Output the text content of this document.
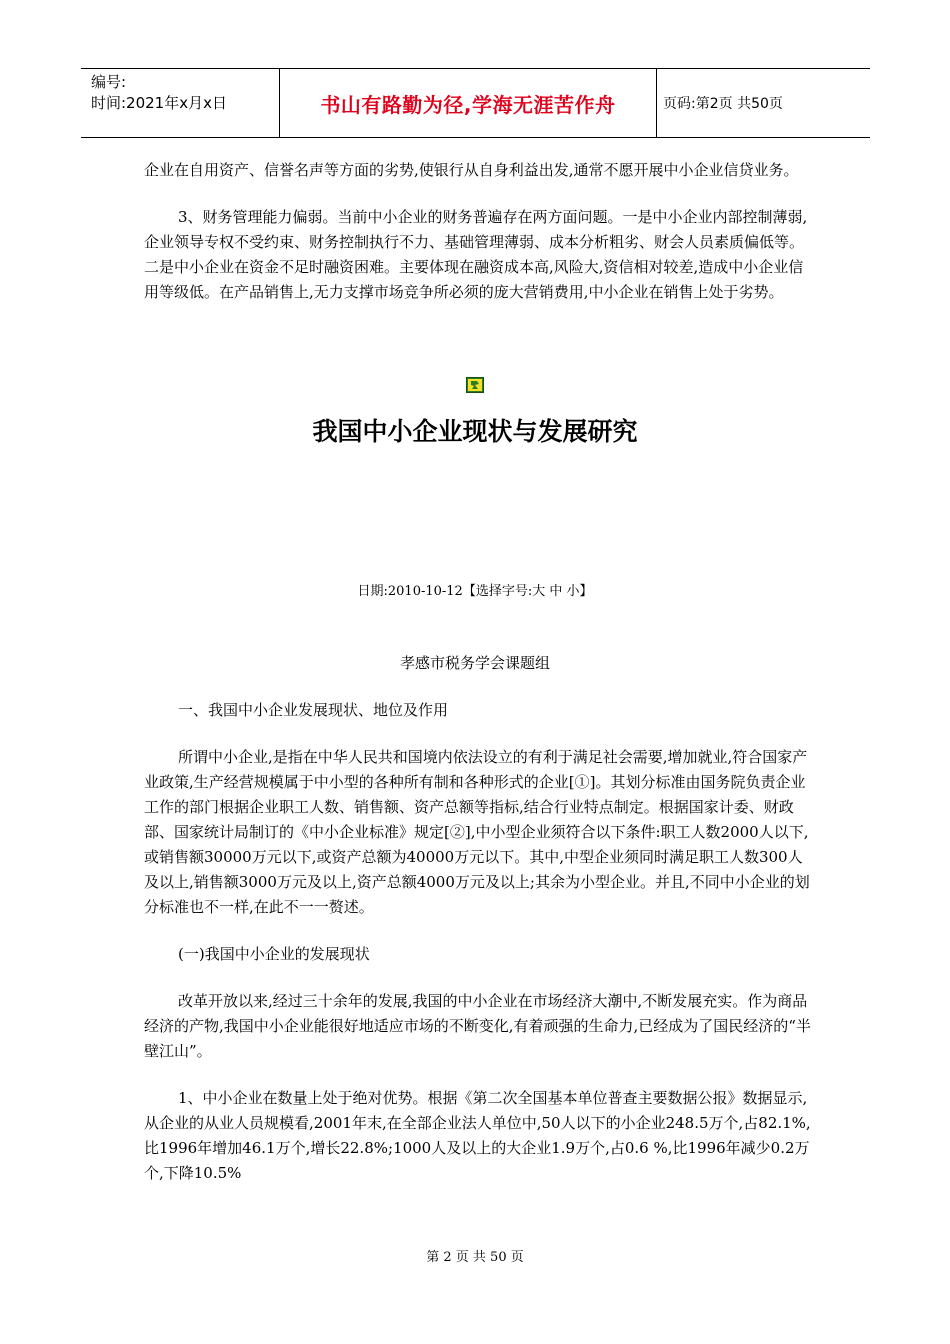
编号:
时间:2021年x月x日	书山有路勤为径,学海无涯苦作舟	页码:第2页 共50页

企业在自用资产、信誉名声等方面的劣势,使银行从自身利益出发,通常不愿开展中小企业信贷业务。

3、财务管理能力偏弱。当前中小企业的财务普遍存在两方面问题。一是中小企业内部控制薄弱,企业领导专权不受约束、财务控制执行不力、基础管理薄弱、成本分析粗劣、财会人员素质偏低等。二是中小企业在资金不足时融资困难。主要体现在融资成本高,风险大,资信相对较差,造成中小企业信用等级低。在产品销售上,无力支撑市场竞争所必须的庞大营销费用,中小企业在销售上处于劣势。

我国中小企业现状与发展研究
日期:2010-10-12【选择字号:大 中 小】
孝感市税务学会课题组

一、我国中小企业发展现状、地位及作用

所谓中小企业,是指在中华人民共和国境内依法设立的有利于满足社会需要,增加就业,符合国家产业政策,生产经营规模属于中小型的各种所有制和各种形式的企业[①]。其划分标准由国务院负责企业工作的部门根据企业职工人数、销售额、资产总额等指标,结合行业特点制定。根据国家计委、财政部、国家统计局制订的《中小企业标准》规定[②],中小型企业须符合以下条件:职工人数2000人以下,或销售额30000万元以下,或资产总额为40000万元以下。其中,中型企业须同时满足职工人数300人及以上,销售额3000万元及以上,资产总额4000万元及以上;其余为小型企业。并且,不同中小企业的划分标准也不一样,在此不一一赘述。

(一)我国中小企业的发展现状

改革开放以来,经过三十余年的发展,我国的中小企业在市场经济大潮中,不断发展充实。作为商品经济的产物,我国中小企业能很好地适应市场的不断变化,有着顽强的生命力,已经成为了国民经济的“半壁江山”。

1、中小企业在数量上处于绝对优势。根据《第二次全国基本单位普查主要数据公报》数据显示,从企业的从业人员规模看,2001年末,在全部企业法人单位中,50人以下的小企业248.5万个,占82.1%,比1996年增加46.1万个,增长22.8%;1000人及以上的大企业1.9万个,占0.6 %,比1996年减少0.2万个,下降10.5%

第 2 页 共 50 页
